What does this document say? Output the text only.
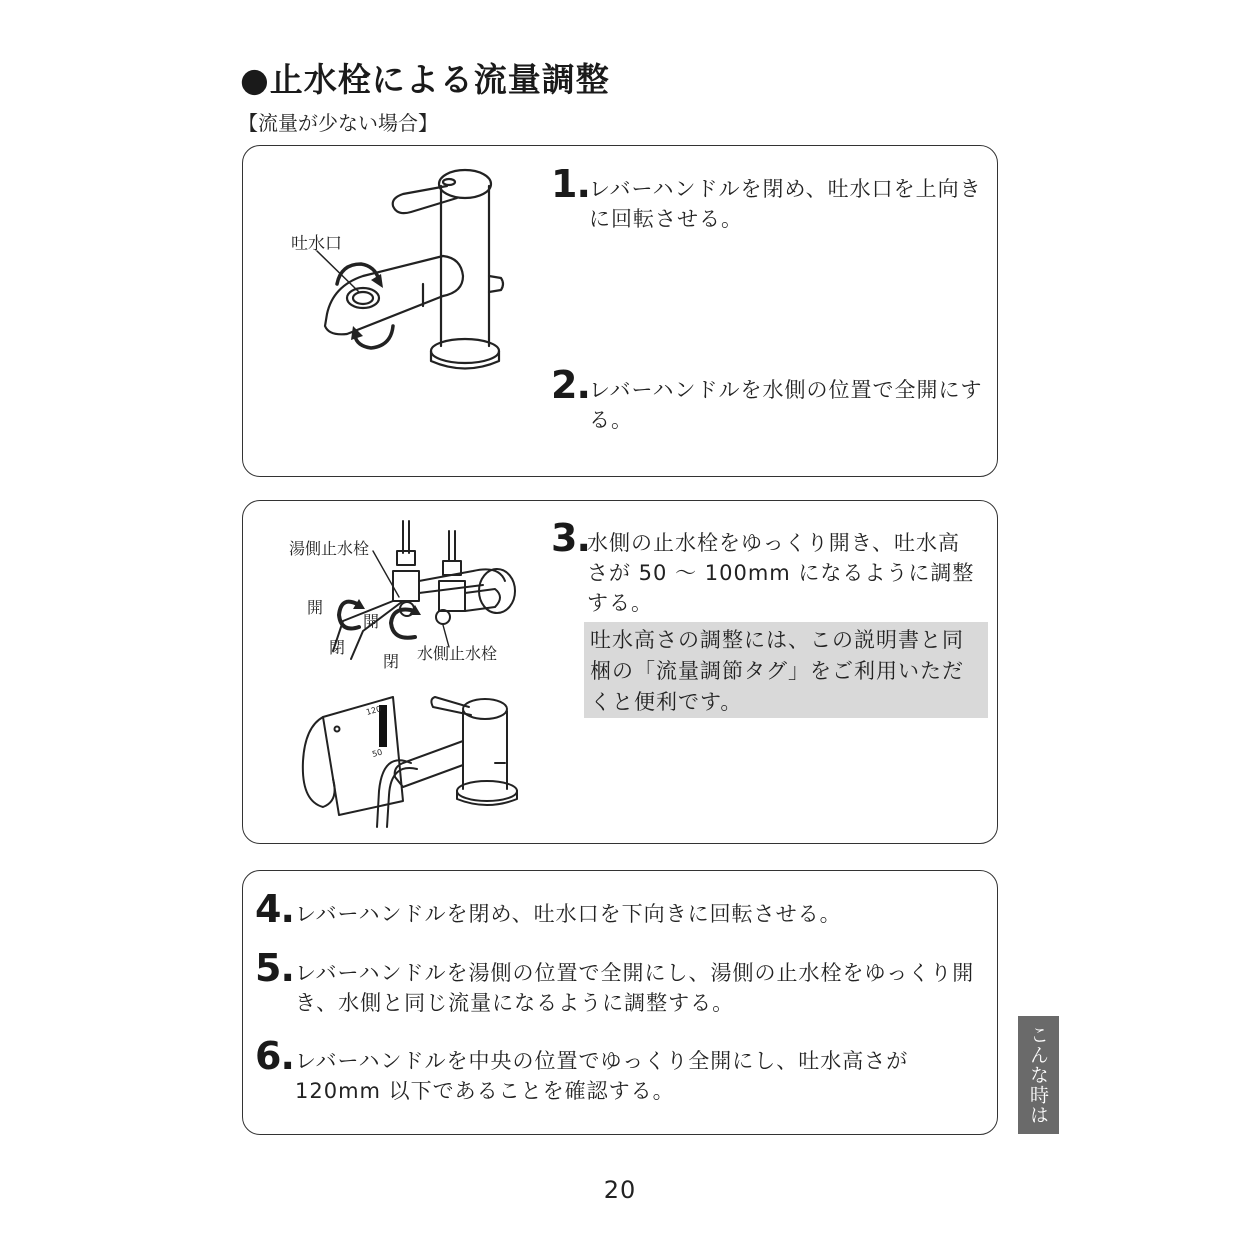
●止水栓による流量調整
【流量が少ない場合】
吐水口
1. レバーハンドルを閉め、吐水口を上向きに回転させる。
2. レバーハンドルを水側の位置で全開にする。
湯側止水栓
水側止水栓
開
閉
開
閉
120
50
3.
水側の止水栓をゆっくり開き、吐水高さが 50 ～ 100mm になるように調整する。
吐水高さの調整には、この説明書と同梱の「流量調節タグ」をご利用いただくと便利です。
4. レバーハンドルを閉め、吐水口を下向きに回転させる。
5. レバーハンドルを湯側の位置で全開にし、湯側の止水栓をゆっくり開き、水側と同じ流量になるように調整する。
6. レバーハンドルを中央の位置でゆっくり全開にし、吐水高さが 120mm 以下であることを確認する。	こんな時は
20
